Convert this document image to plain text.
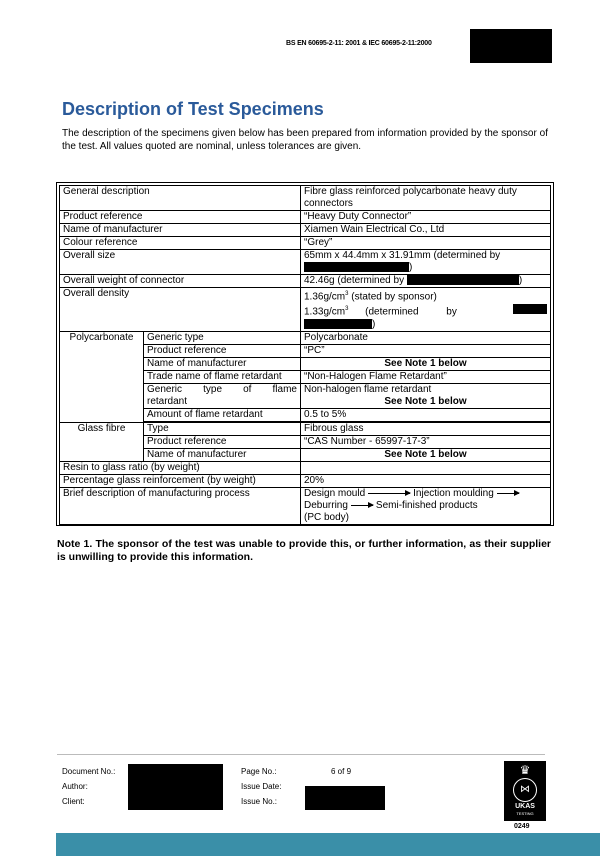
BS EN 60695-2-11: 2001 & IEC 60695-2-11:2000
Description of Test Specimens
The description of the specimens given below has been prepared from information provided by the sponsor of the test. All values quoted are nominal, unless tolerances are given.
General description		Fibre glass reinforced polycarbonate heavy duty connectors
Product reference		“Heavy Duty Connector”
Name of manufacturer		Xiamen Wain Electrical Co., Ltd
Colour reference		“Grey”
Overall size		65mm x 44.4mm x 31.91mm (determined by
)
Overall weight of connector		42.46g (determined by )
Overall density		$1.36g/cm^3$ (stated by sponsor)
$1.33g/cm^3$      (determined          by

)
Polycarbonate	Generic type	Polycarbonate
	Product reference	“PC”
	Name of manufacturer	See Note 1 below

	Trade name of flame retardant	“Non-Halogen Flame Retardant”
	Generic    type    of    flame retardant	Non-halogen flame retardant
See Note 1 below

	Amount of flame retardant	0.5 to 5%

Glass fibre	Type	Fibrous glass
	Product reference	“CAS Number - 65997-17-3”
	Name of manufacturer	See Note 1 below

Resin to glass ratio (by weight)		
Percentage glass reinforcement (by weight)		20%
Brief description of manufacturing process		Design mould Injection moulding
Deburring Semi-finished products
(PC body)
Note 1. The sponsor of the test was unable to provide this, or further information, as their supplier is unwilling to provide this information.
Document No.:
Author:
Client:
Page No.:	6 of 9
Issue Date:
Issue No.:
♛
⋈
UKAS
TESTING
0249
